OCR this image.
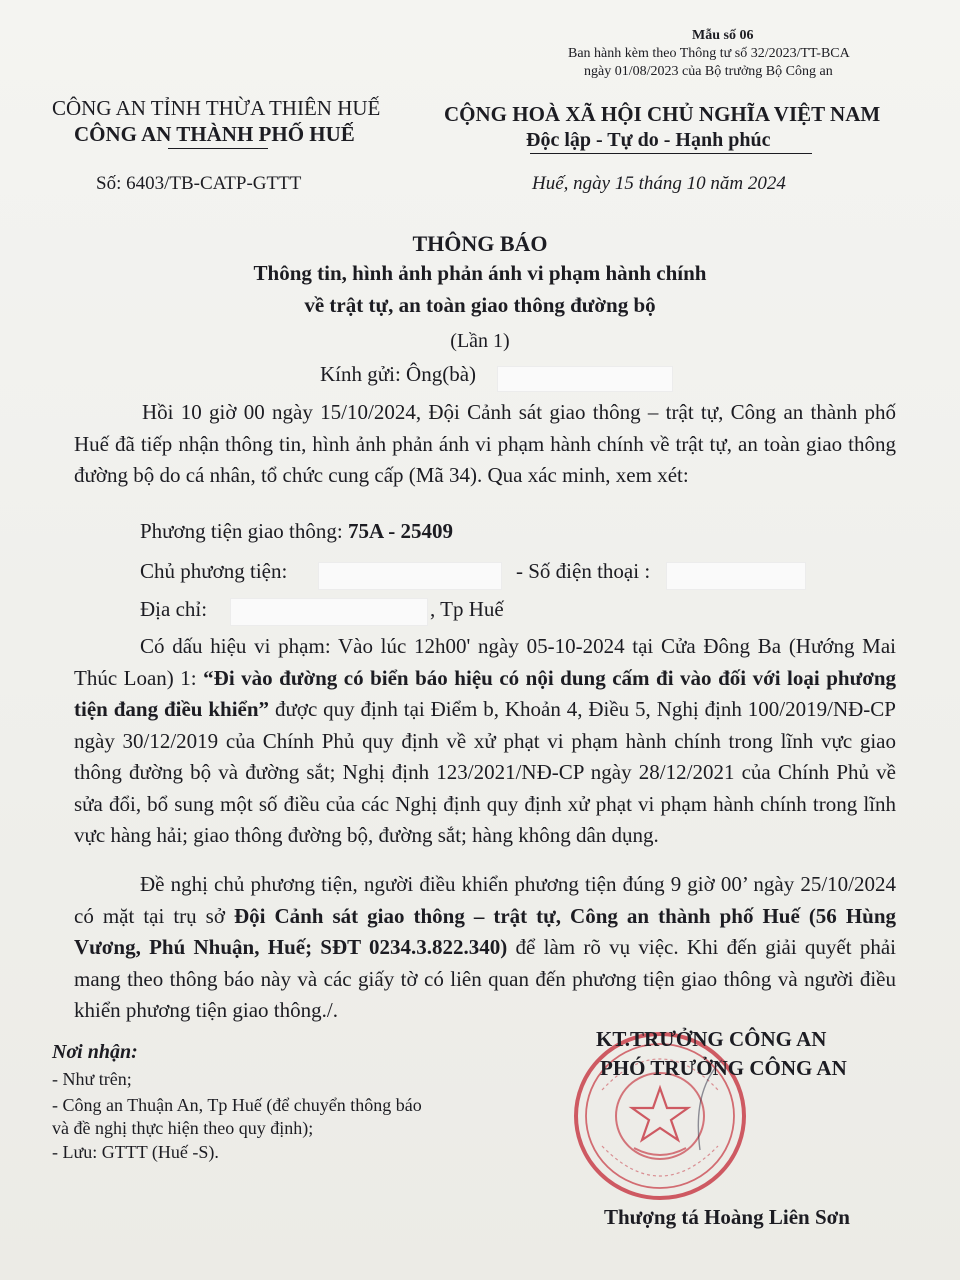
Mẫu số 06
Ban hành kèm theo Thông tư số 32/2023/TT-BCA
ngày 01/08/2023 của Bộ trưởng Bộ Công an
CÔNG AN TỈNH THỪA THIÊN HUẾ
CÔNG AN THÀNH PHỐ HUẾ
Số: 6403/TB-CATP-GTTT
CỘNG HOÀ XÃ HỘI CHỦ NGHĨA VIỆT NAM
Độc lập - Tự do - Hạnh phúc
Huế, ngày 15 tháng 10 năm 2024
THÔNG BÁO
Thông tin, hình ảnh phản ánh vi phạm hành chính
về trật tự, an toàn giao thông đường bộ
(Lần 1)
Kính gửi: Ông(bà)
Hồi 10 giờ 00 ngày 15/10/2024, Đội Cảnh sát giao thông – trật tự, Công an thành phố Huế đã tiếp nhận thông tin, hình ảnh phản ánh vi phạm hành chính về trật tự, an toàn giao thông đường bộ do cá nhân, tổ chức cung cấp (Mã 34). Qua xác minh, xem xét:
Phương tiện giao thông: 75A - 25409
Chủ phương tiện:	- Số điện thoại :
Địa chỉ:	, Tp Huế
Có dấu hiệu vi phạm: Vào lúc 12h00' ngày 05-10-2024 tại Cửa Đông Ba (Hướng Mai Thúc Loan) 1: “Đi vào đường có biển báo hiệu có nội dung cấm đi vào đối với loại phương tiện đang điều khiển” được quy định tại Điểm b, Khoản 4, Điều 5, Nghị định 100/2019/NĐ-CP ngày 30/12/2019 của Chính Phủ quy định về xử phạt vi phạm hành chính trong lĩnh vực giao thông đường bộ và đường sắt; Nghị định 123/2021/NĐ-CP ngày 28/12/2021 của Chính Phủ về sửa đổi, bổ sung một số điều của các Nghị định quy định xử phạt vi phạm hành chính trong lĩnh vực hàng hải; giao thông đường bộ, đường sắt; hàng không dân dụng.
Đề nghị chủ phương tiện, người điều khiển phương tiện đúng 9 giờ 00’ ngày 25/10/2024 có mặt tại trụ sở Đội Cảnh sát giao thông – trật tự, Công an thành phố Huế (56 Hùng Vương, Phú Nhuận, Huế; SĐT 0234.3.822.340) để làm rõ vụ việc. Khi đến giải quyết phải mang theo thông báo này và các giấy tờ có liên quan đến phương tiện giao thông và người điều khiển phương tiện giao thông./.
Nơi nhận:
- Như trên;
- Công an Thuận An, Tp Huế (để chuyển thông báo
và đề nghị thực hiện theo quy định);
- Lưu: GTTT (Huế -S).
KT.TRƯỞNG CÔNG AN
PHÓ TRƯỞNG CÔNG AN
Thượng tá Hoàng Liên Sơn
